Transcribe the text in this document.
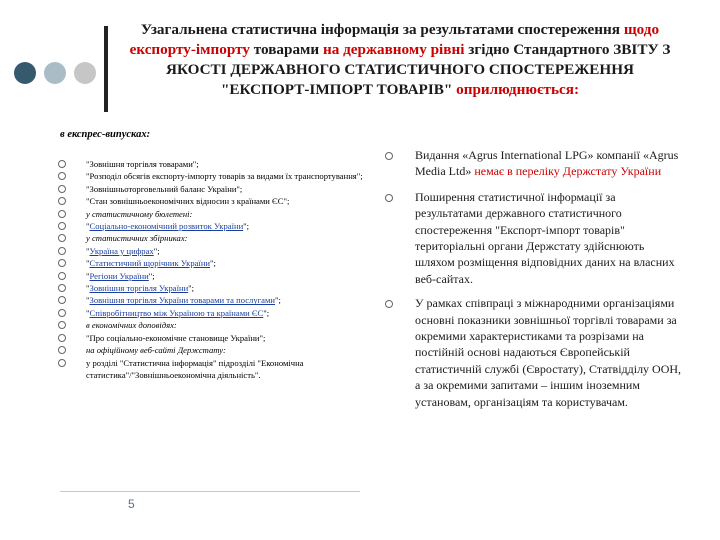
Узагальнена статистична інформація за результатами спостереження щодо експорту-імпорту товарами на державному рівні згідно Стандартного ЗВІТУ З ЯКОСТІ ДЕРЖАВНОГО СТАТИСТИЧНОГО СПОСТЕРЕЖЕННЯ "ЕКСПОРТ-ІМПОРТ ТОВАРІВ" оприлюднюється:
в експрес-випусках:
"Зовнішня торгівля товарами";
"Розподіл обсягів експорту-імпорту товарів за видами їх транспортування";
"Зовнішньоторговельний баланс України";
"Стан зовнішньоекономічних відносин з країнами ЄС";
у статистичному бюлетені:
"Соціально-економічний розвиток України";
у статистичних збірниках:
"Україна у цифрах";
"Статистичний щорічник України";
"Регіони України";
"Зовнішня торгівля України";
"Зовнішня торгівля України товарами та послугами";
"Співробітництво між Україною та країнами ЄС";
в економічних доповідях:
"Про соціально-економічне становище України";
на офіційному веб-сайті Держстату:
у розділі "Статистична інформація" підрозділі "Економічна статистика"/"Зовнішньоекономічна діяльність".
Видання «Agrus International LPG» компанії «Agrus Media Ltd» немає в переліку Держстату України
Поширення статистичної інформації за результатами державного статистичного спостереження "Експорт-імпорт товарів" територіальні органи Держстату здійснюють шляхом розміщення відповідних даних на власних веб-сайтах.
У рамках співпраці з міжнародними організаціями основні показники зовнішньої торгівлі товарами за окремими характеристиками та розрізами на постійній основі надаються Європейській статистичній службі (Євростату), Статвідділу ООН, а за окремими запитами – іншим іноземним установам, організаціям та користувачам.
5
